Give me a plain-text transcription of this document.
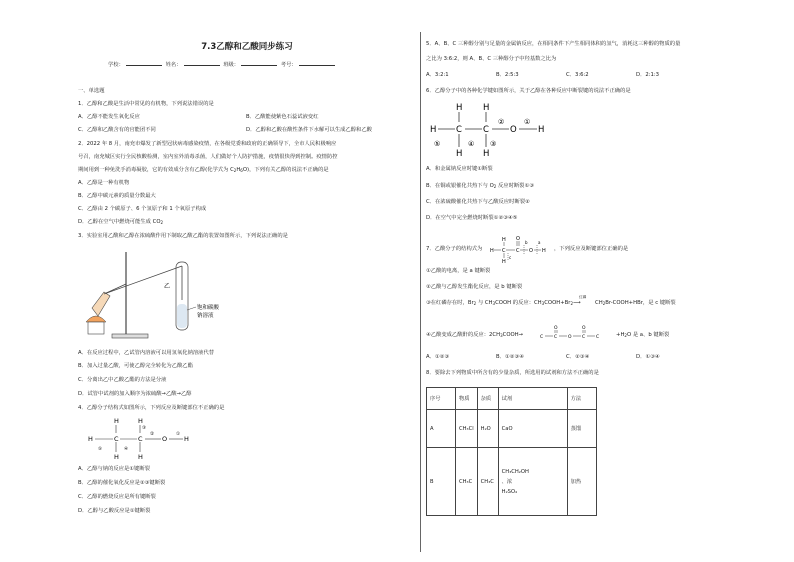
7.3乙醇和乙酸同步练习
学校：	姓名：	班级：	考号：
一、单选题
1．乙醇和乙酸是生活中常见的有机物，下列说法错误的是
A．乙醇不能发生氧化反应	B．乙酸能使紫色石蕊试液变红
C．乙醇和乙酸含有的官能团不同	D．乙醇和乙酸在酸性条件下水解可以生成乙醇和乙酸
2．2022 年 8 月，南充市爆发了新型冠状病毒感染疫情，在各级党委和政府的正确领导下，全市人民积极响应
号召，南充城区实行全民核酸检测，室内室外消毒杀菌，人们做好个人防护措施，疫情很快得到控制。疫情防控
期间用到一种免洗手消毒凝胶，它的有效成分含有乙醇(化学式为 $C_2H_6O$)，下列有关乙醇的说法不正确的是
A．乙醇是一种有机物
B．乙醇中碳元素的质量分数最大
C．乙醇由 2 个碳原子、6 个氢原子和 1 个氧原子构成
D．乙醇在空气中燃烧可能生成 $CO_2$
3．实验室用乙酸和乙醇在浓硫酸作用下制取乙酸乙酯的装置如图所示，下列说法正确的是
乙
饱和碳酸
钠溶液
A．在反应过程中，乙试管内溶液可以用氢氧化钠溶液代替
B．加入过量乙酸，可使乙醇完全转化为乙酸乙酯
C．分离出乙中乙酸乙酯的方法是分液
D．试管中试剂的加入顺序为浓硫酸→乙酸→乙醇
4．乙醇分子结构式如图所示，下列反应及断键部位不正确的是
H	H
H	C	C	O	H
H	H
③
①
②
⑤	④
A．乙醇与钠的反应是①键断裂
B．乙醇的催化氧化反应是②③键断裂
C．乙醇的燃烧反应是所有键断裂
D．乙醇与乙酸反应是①键断裂
5．A、B、C 三种醇分别与足量的金属钠反应，在相同条件下产生相同体积的氢气，消耗这三种醇的物质的量
之比为 3:6:2，则 A、B、C 三种醇分子中羟基数之比为
A．3:2:1	B．2:5:3	C．3:6:2	D．2:1:3
6．乙醇分子中的各种化学键如图所示，关于乙醇在各种反应中断裂键的说法不正确的是
H H
H C C O	H
H H
⑤	④ ③
②	①
A．和金属钠反应时键①断裂
B．在铜或银催化共热下与 $O_2$ 反应时断裂①③
C．在浓硫酸催化共热下与乙酸反应时断裂②
D．在空气中完全燃烧时断裂①②③④⑤
7．乙酸分子的结构式为 H
H
C
H
O
C O H
a
b
c
，下列反应及断键部位正确的是
①乙酸的电离，是 a 键断裂
②乙酸与乙醇发生酯化反应，是 b 键断裂
③在红磷存在时，$Br_2$ 与 $CH_3COOH$ 的反应：$CH_3COOH+Br_2$
红磷
⟶	$CH_2Br-COOH+HBr$，是 c 键断裂
④乙酸变成乙酸酐的反应：$2CH_3COOH\to$	C C
O
O C
O
C	$+H_2O$ 是 a、b 键断裂
A．①②③	B．①②③④	C．②③④	D．①③④
8．要除去下列物质中所含有的少量杂质，所选用的试剂和方法不正确的是
序号	物质	杂质	试剂	方法
A	CH₃Cl	H₂O	CaO	蒸馏
B	CH₃C	CH₃C	CH₃CH₂OH
、浓
H₂SO₄	加热
